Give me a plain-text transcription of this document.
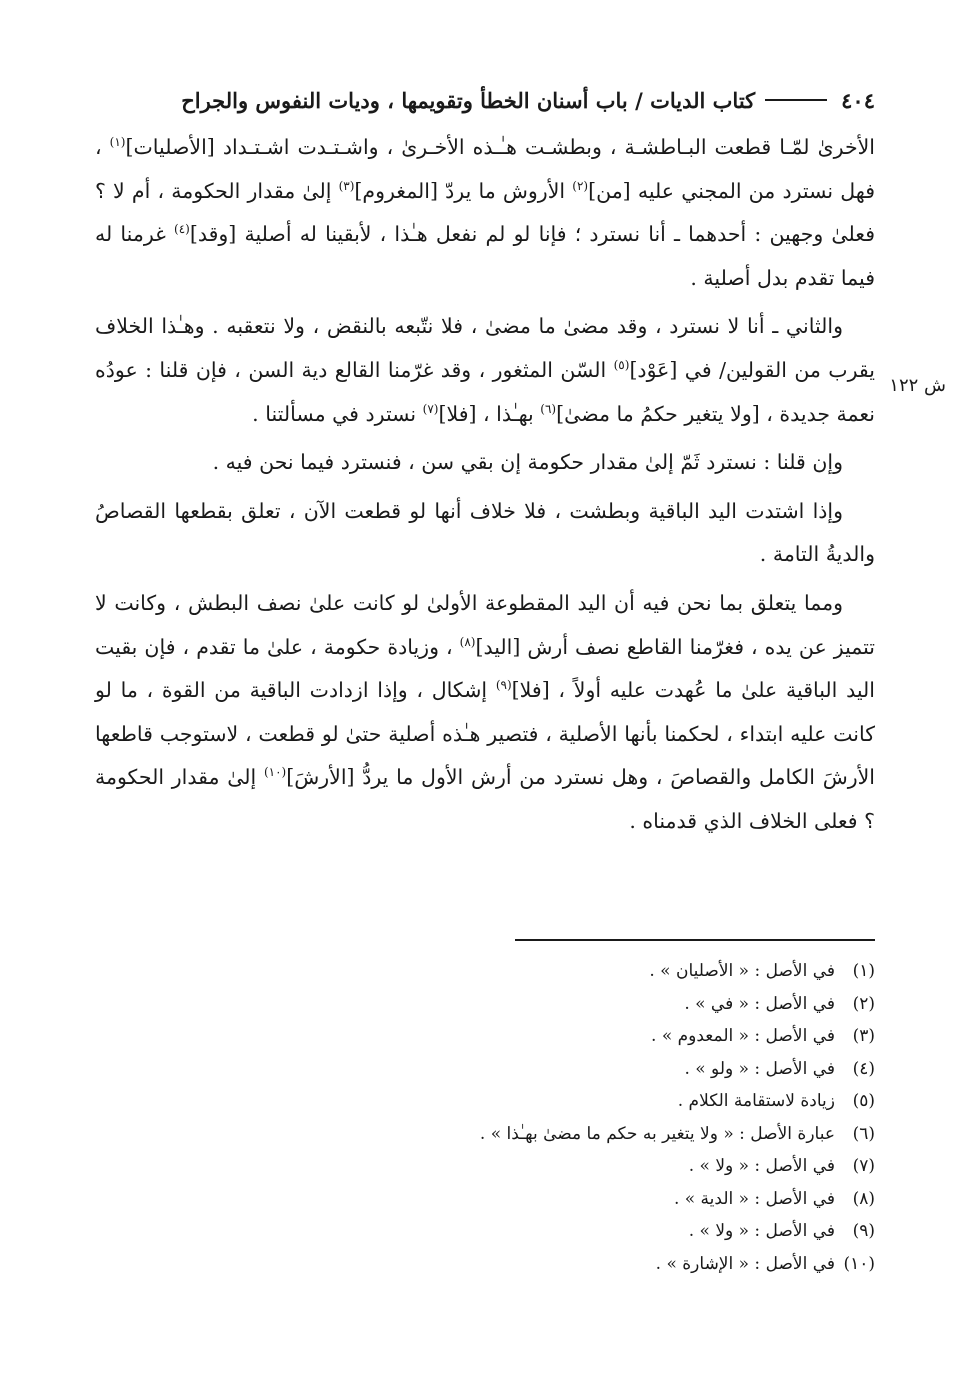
٤٠٤
كتاب الديات / باب أسنان الخطأ وتقويمها ، وديات النفوس والجراح
ش ١٢٢

الأخرىٰ لمّـا قطعت البـاطشـة ، وبطشـت هـٰـذه الأخـرىٰ ، واشـتـدت اشـتـداد [الأصليات]$^{(١)}$ ، فهل نسترد من المجني عليه [من]$^{(٢)}$ الأروش ما يردّ [المغروم]$^{(٣)}$ إلىٰ مقدار الحكومة ، أم لا ؟ فعلىٰ وجهين : أحدهما ـ أنا نسترد ؛ فإنا لو لم نفعل هـٰذا ، لأبقينا له أصلية [وقد]$^{(٤)}$ غرمنا له فيما تقدم بدل أصلية .

والثاني ـ أنا لا نسترد ، وقد مضىٰ ما مضىٰ ، فلا نتّبعه بالنقض ، ولا نتعقبه . وهـٰذا الخلاف يقرب من القولين/ في [عَوْد]$^{(٥)}$ السّن المثغور ، وقد غرّمنا القالع دية السن ، فإن قلنا : عودُه نعمة جديدة ، [ولا يتغير حكمُ ما مضىٰ]$^{(٦)}$ بهـٰذا ، [فلا]$^{(٧)}$ نسترد في مسألتنا .

وإن قلنا : نسترد ثَمّ إلىٰ مقدار حكومة إن بقي سن ، فنسترد فيما نحن فيه .

وإذا اشتدت اليد الباقية وبطشت ، فلا خلاف أنها لو قطعت الآن ، تعلق بقطعها القصاصُ والديةُ التامة .

ومما يتعلق بما نحن فيه أن اليد المقطوعة الأولىٰ لو كانت علىٰ نصف البطش ، وكانت لا تتميز عن يده ، فغرّمنا القاطع نصف أرش [اليد]$^{(٨)}$ ، وزيادة حكومة ، علىٰ ما تقدم ، فإن بقيت اليد الباقية علىٰ ما عُهدت عليه أولاً ، [فلا]$^{(٩)}$ إشكال ، وإذا ازدادت الباقية من القوة ، ما لو كانت عليه ابتداء ، لحكمنا بأنها الأصلية ، فتصير هـٰذه أصلية حتىٰ لو قطعت ، لاستوجب قاطعها الأرشَ الكامل والقصاصَ ، وهل نسترد من أرش الأول ما يردُّ [الأرشَ]$^{(١٠)}$ إلىٰ مقدار الحكومة ؟ فعلى الخلاف الذي قدمناه .

(١)
في الأصل : « الأصليان » .
(٢)
في الأصل : « في » .
(٣)
في الأصل : « المعدوم » .
(٤)
في الأصل : « ولو » .
(٥)
زيادة لاستقامة الكلام .
(٦)
عبارة الأصل : « ولا يتغير به حكم ما مضىٰ بهـٰذا » .
(٧)
في الأصل : « ولا » .
(٨)
في الأصل : « الدية » .
(٩)
في الأصل : « ولا » .
(١٠)
في الأصل : « الإشارة » .
